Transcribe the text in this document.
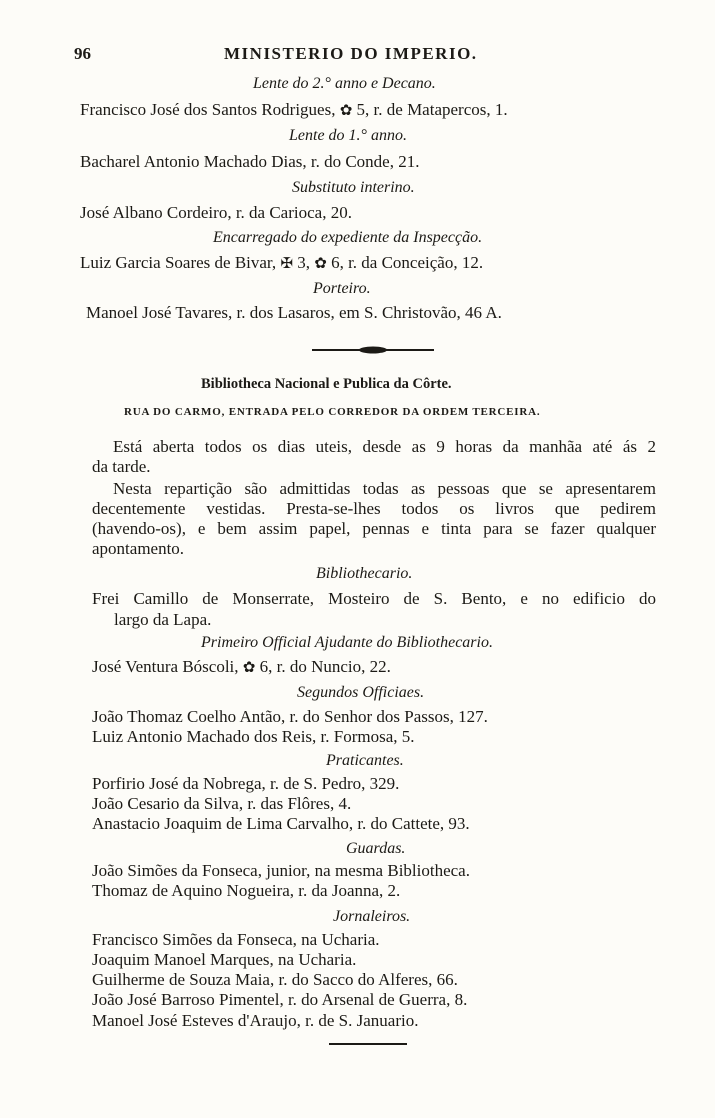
96	MINISTERIO DO IMPERIO.
Lente do 2.° anno e Decano.
Francisco José dos Santos Rodrigues, ✿ 5, r. de Matapercos, 1.
Lente do 1.° anno.
Bacharel Antonio Machado Dias, r. do Conde, 21.
Substituto interino.
José Albano Cordeiro, r. da Carioca, 20.
Encarregado do expediente da Inspecção.
Luiz Garcia Soares de Bivar, ✠ 3, ✿ 6, r. da Conceição, 12.
Porteiro.
Manoel José Tavares, r. dos Lasaros, em S. Christovão, 46 A.
Bibliotheca Nacional e Publica da Côrte.
RUA DO CARMO, ENTRADA PELO CORREDOR DA ORDEM TERCEIRA.
Está aberta todos os dias uteis, desde as 9 horas da manhãa até ás 2
da tarde.
Nesta repartição são admittidas todas as pessoas que se apresentarem
decentemente vestidas. Presta-se-lhes todos os livros que pedirem
(havendo-os), e bem assim papel, pennas e tinta para se fazer qualquer
apontamento.
Bibliothecario.
Frei Camillo de Monserrate, Mosteiro de S. Bento, e no edificio do
largo da Lapa.
Primeiro Official Ajudante do Bibliothecario.
José Ventura Bóscoli, ✿ 6, r. do Nuncio, 22.
Segundos Officiaes.
João Thomaz Coelho Antão, r. do Senhor dos Passos, 127.
Luiz Antonio Machado dos Reis, r. Formosa, 5.
Praticantes.
Porfirio José da Nobrega, r. de S. Pedro, 329.
João Cesario da Silva, r. das Flôres, 4.
Anastacio Joaquim de Lima Carvalho, r. do Cattete, 93.
Guardas.
João Simões da Fonseca, junior, na mesma Bibliotheca.
Thomaz de Aquino Nogueira, r. da Joanna, 2.
Jornaleiros.
Francisco Simões da Fonseca, na Ucharia.
Joaquim Manoel Marques, na Ucharia.
Guilherme de Souza Maia, r. do Sacco do Alferes, 66.
João José Barroso Pimentel, r. do Arsenal de Guerra, 8.
Manoel José Esteves d'Araujo, r. de S. Januario.
